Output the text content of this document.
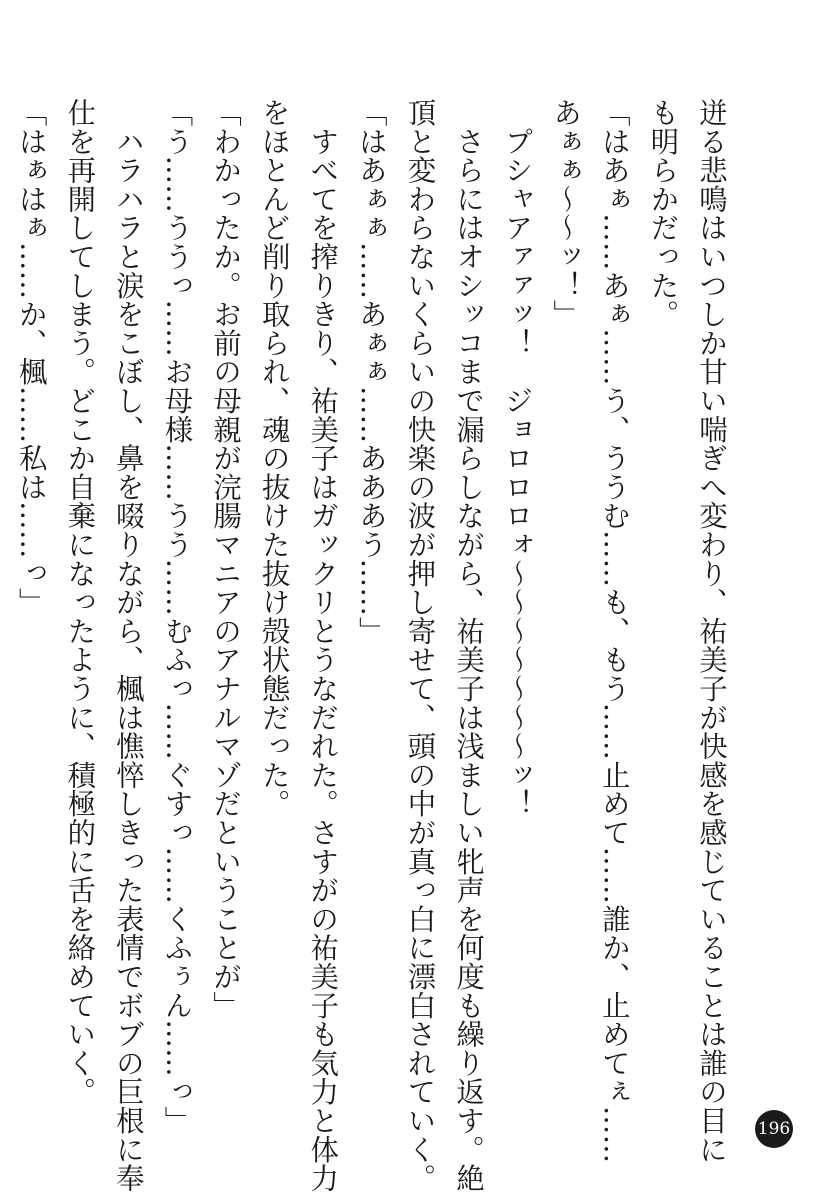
迸る悲鳴はいつしか甘い喘ぎへ変わり、祐美子が快感を感じていることは誰の目に
も明らかだった。
「はあぁ……あぁ……う、ううむ……も、もう……止めて……誰か、止めてぇ……
あぁぁ〜〜ッ！」
　プシャアァァッ！　ジョロロロォ〜〜〜〜〜〜〜ッ！
　さらにはオシッコまで漏らしながら、祐美子は浅ましい牝声を何度も繰り返す。絶
頂と変わらないくらいの快楽の波が押し寄せて、頭の中が真っ白に漂白されていく。
「はあぁぁ……あぁぁ……あああう……」
　すべてを搾りきり、祐美子はガックリとうなだれた。さすがの祐美子も気力と体力
をほとんど削り取られ、魂の抜けた抜け殻状態だった。
「わかったか。お前の母親が浣腸マニアのアナルマゾだということが」
「う……ううっ……お母様……うう……むふっ……ぐすっ……くふぅん……っ」
　ハラハラと涙をこぼし、鼻を啜りながら、楓は憔悴しきった表情でボブの巨根に奉
仕を再開してしまう。どこか自棄になったように、積極的に舌を絡めていく。
「はぁはぁ……か、楓……私は……っ」
196
